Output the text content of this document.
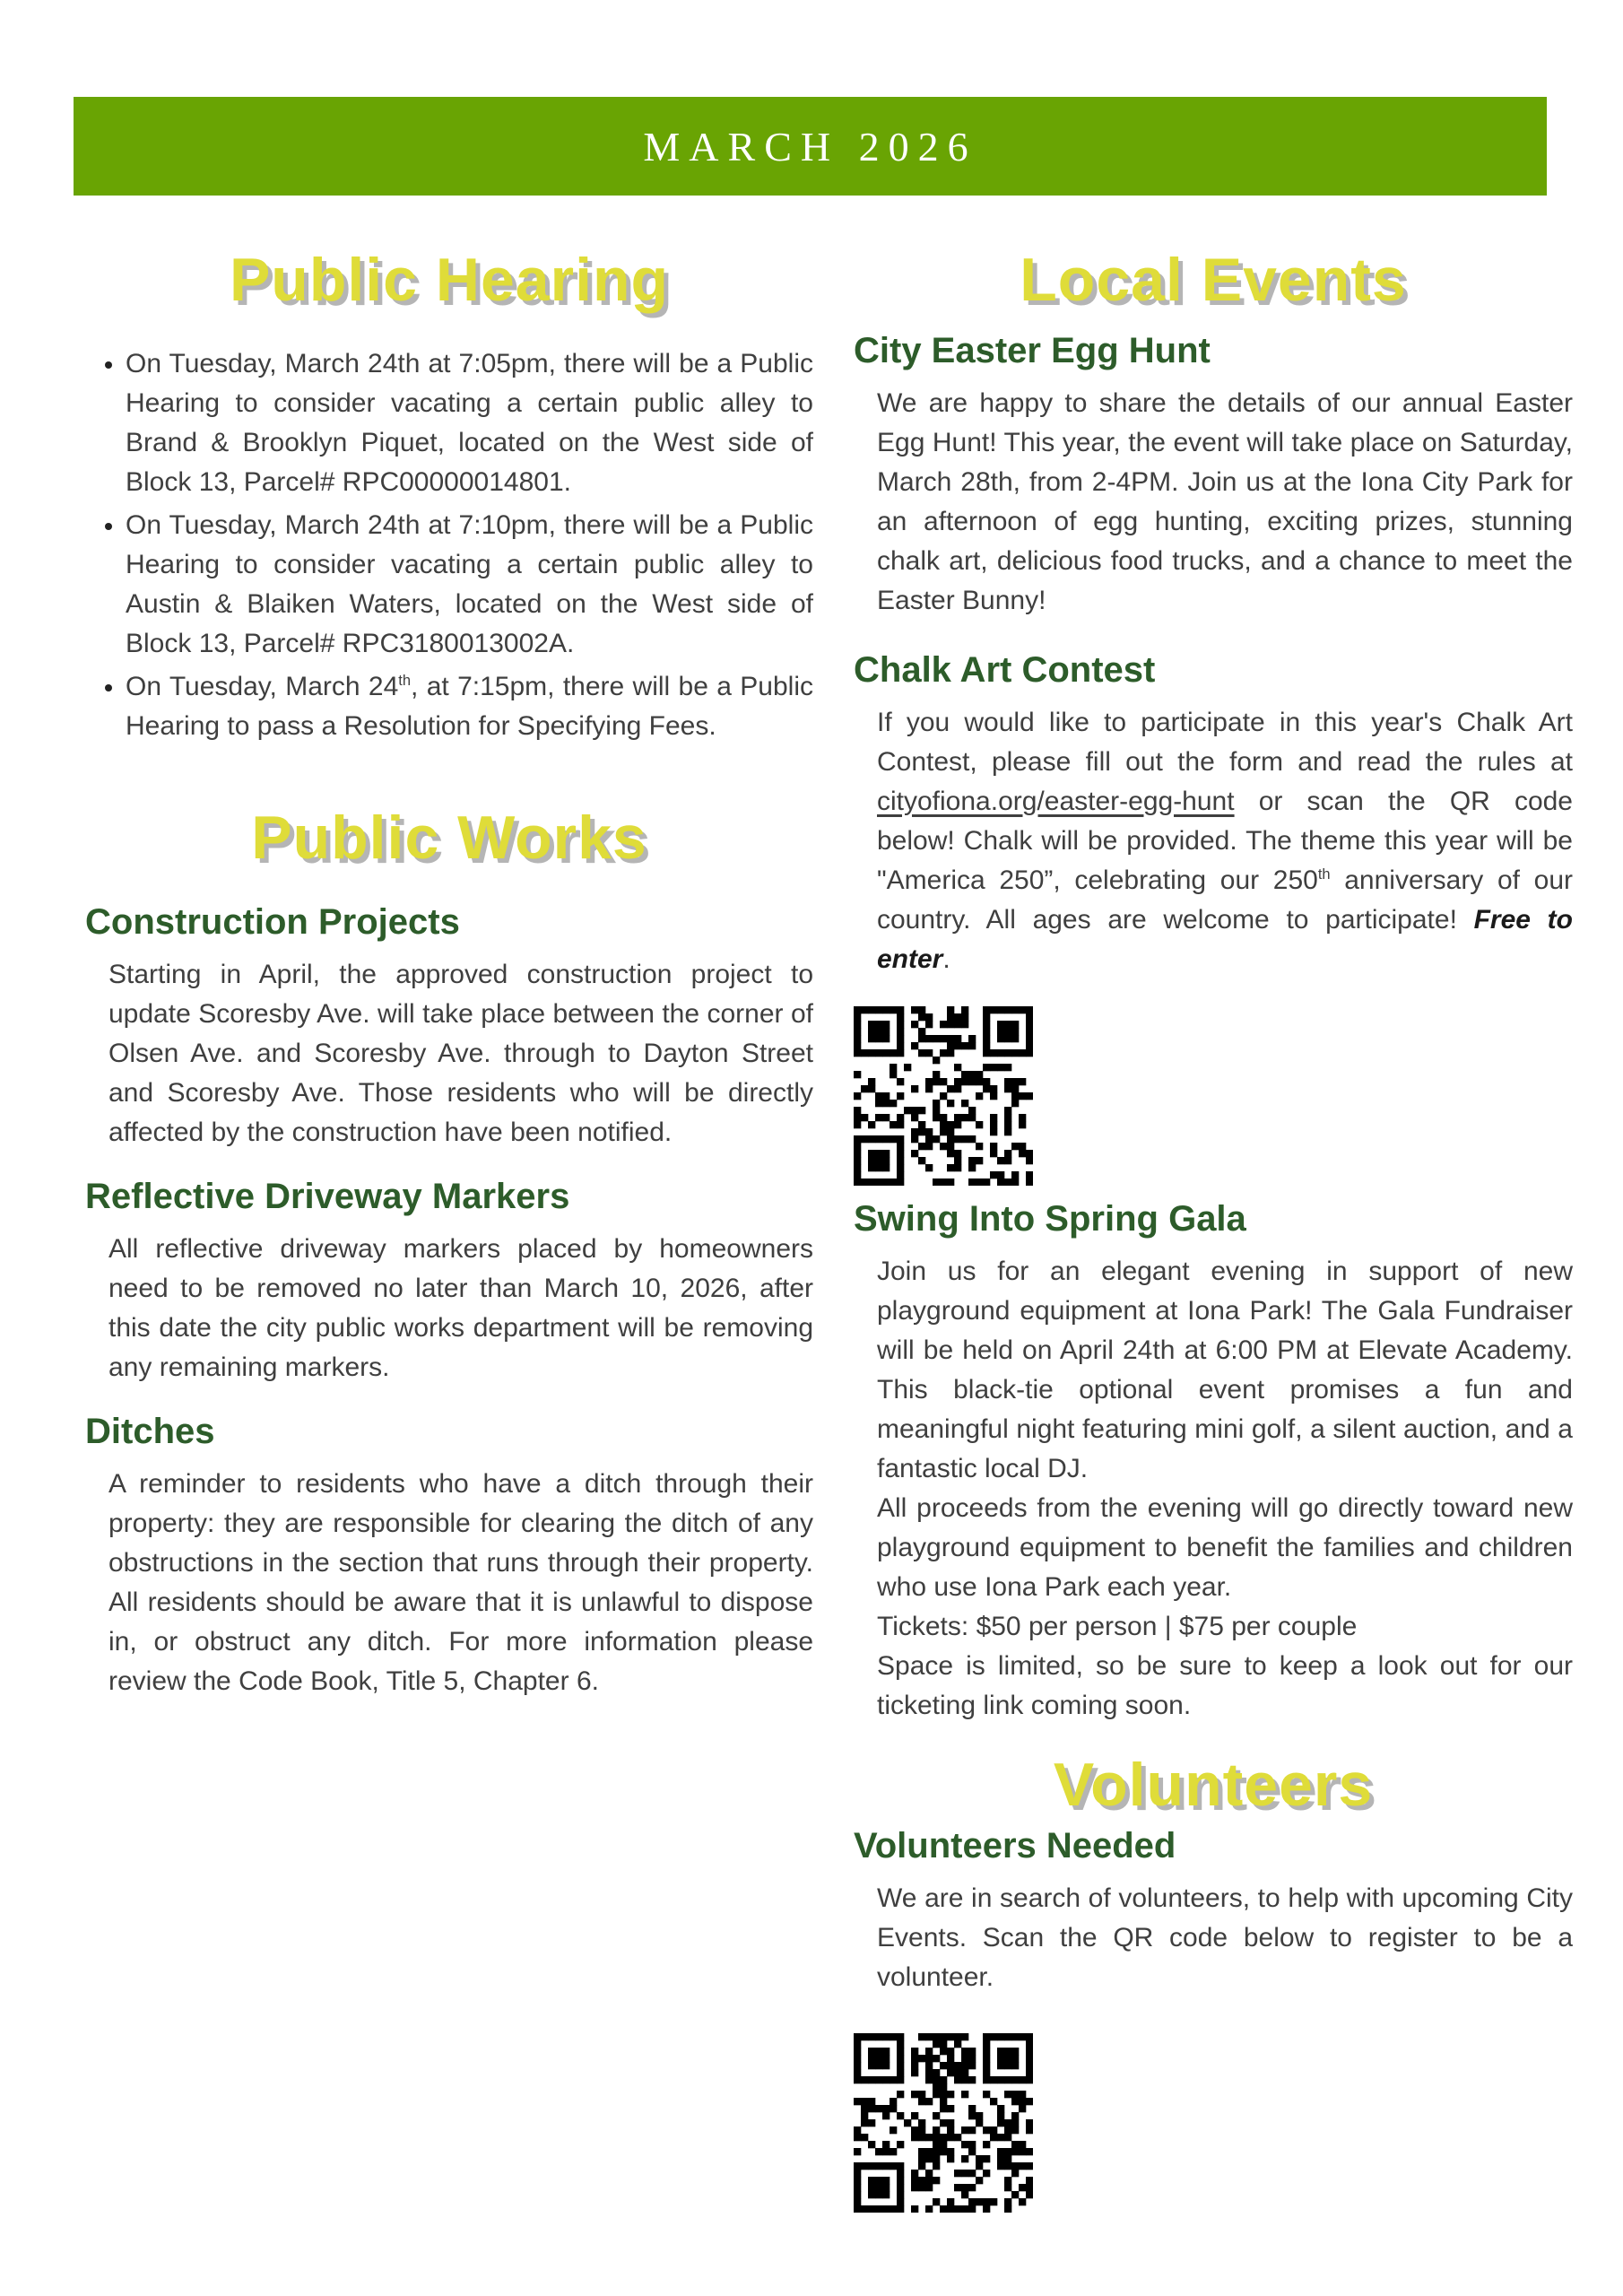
MARCH 2026
Public Hearing
• On Tuesday, March 24th at 7:05pm, there will be a Public Hearing to consider vacating a certain public alley to Brand & Brooklyn Piquet, located on the West side of Block 13, Parcel# RPC00000014801.
• On Tuesday, March 24th at 7:10pm, there will be a Public Hearing to consider vacating a certain public alley to Austin & Blaiken Waters, located on the West side of Block 13, Parcel# RPC3180013002A.
• On Tuesday, March 24th, at 7:15pm, there will be a Public Hearing to pass a Resolution for Specifying Fees.
Public Works
Construction Projects

Starting in April, the approved construction project to update Scoresby Ave. will take place between the corner of Olsen Ave. and Scoresby Ave. through to Dayton Street and Scoresby Ave. Those residents who will be directly affected by the construction have been notified.

Reflective Driveway Markers

All reflective driveway markers placed by homeowners need to be removed no later than March 10, 2026, after this date the city public works department will be removing any remaining markers.

Ditches

A reminder to residents who have a ditch through their property: they are responsible for clearing the ditch of any obstructions in the section that runs through their property. All residents should be aware that it is unlawful to dispose in, or obstruct any ditch. For more information please review the Code Book, Title 5, Chapter 6.

Local Events
City Easter Egg Hunt

We are happy to share the details of our annual Easter Egg Hunt! This year, the event will take place on Saturday, March 28th, from 2-4PM. Join us at the Iona City Park for an afternoon of egg hunting, exciting prizes, stunning chalk art, delicious food trucks, and a chance to meet the Easter Bunny!

Chalk Art Contest

If you would like to participate in this year's Chalk Art Contest, please fill out the form and read the rules at cityofiona.org/easter-egg-hunt or scan the QR code below! Chalk will be provided. The theme this year will be "America 250”, celebrating our 250th anniversary of our country. All ages are welcome to participate! Free to enter.

Swing Into Spring Gala

Join us for an elegant evening in support of new playground equipment at Iona Park! The Gala Fundraiser will be held on April 24th at 6:00 PM at Elevate Academy. This black-tie optional event promises a fun and meaningful night featuring mini golf, a silent auction, and a fantastic local DJ.

All proceeds from the evening will go directly toward new playground equipment to benefit the families and children who use Iona Park each year.

Tickets: $50 per person | $75 per couple

Space is limited, so be sure to keep a look out for our ticketing link coming soon.

Volunteers
Volunteers Needed

We are in search of volunteers, to help with upcoming City Events. Scan the QR code below to register to be a volunteer.
